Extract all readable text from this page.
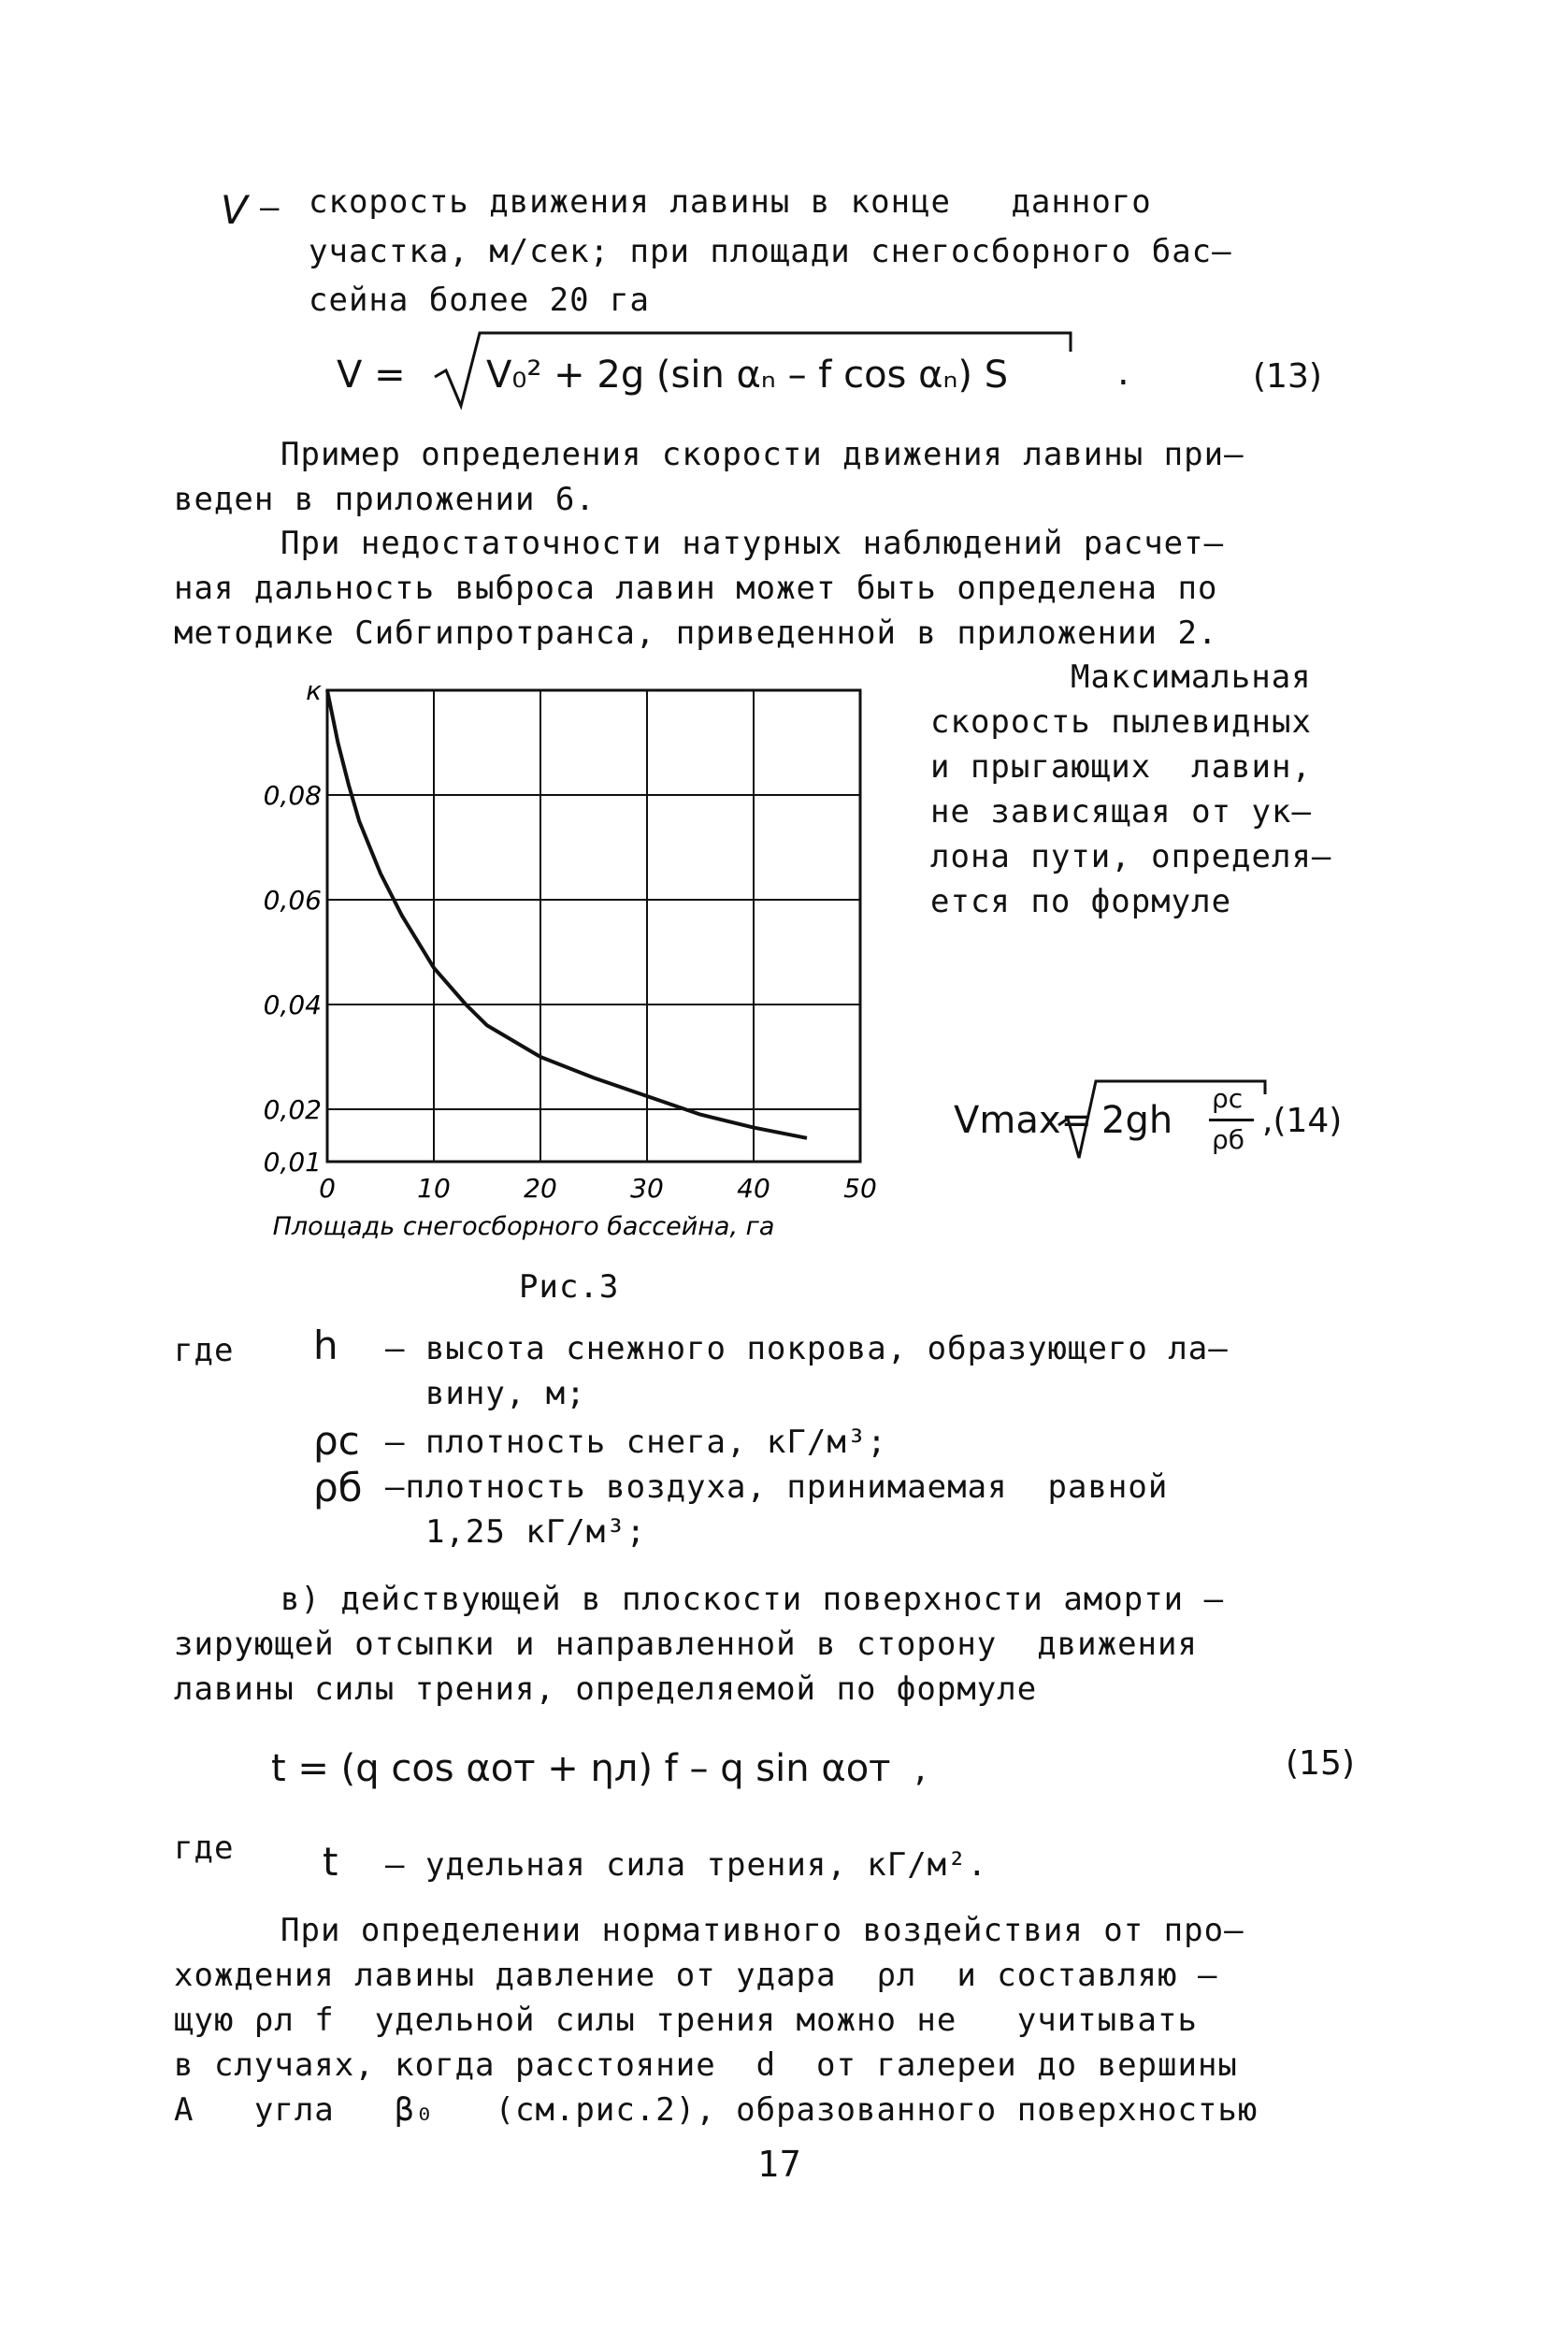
V – скорость движения лавины в конце   данного
участка, м/сек; при площади снегосборного бас–
сейна более 20 га
V = V₀² + 2g (sin αₙ – f cos αₙ) S	.	(13)
Пример определения скорости движения лавины при–
веден в приложении 6.
При недостаточности натурных наблюдений расчет–
ная дальность выброса лавин может быть определена по
методике Сибгипротранса, приведенной в приложении 2.
Максимальная
скорость пылевидных
и прыгающих  лавин,
не зависящая от ук–
лона пути, определя–
ется по формуле
0	10	20	30	40	50
0,01
0,02
0,04
0,06
0,08
к
Площадь снегосборного бассейна, га
Vmax= 2gh
ρc
ρб ,(14)
Рис.3
где h – высота снежного покрова, образующего ла–
вину, м;
ρс – плотность снега, кГ/м³;
ρб –плотность воздуха, принимаемая  равной
1,25 кГ/м³;
в) действующей в плоскости поверхности аморти –
зирующей отсыпки и направленной в сторону  движения
лавины силы трения, определяемой по формуле
t = (q cos αот + ηл) f – q sin αот  ,	(15)
где t – удельная сила трения, кГ/м².
При определении нормативного воздействия от про–
хождения лавины давление от удара  ρл  и составляю –
щую ρл f  удельной силы трения можно не   учитывать
в случаях, когда расстояние  d  от галереи до вершины
A   угла   β₀   (см.рис.2), образованного поверхностью
17
